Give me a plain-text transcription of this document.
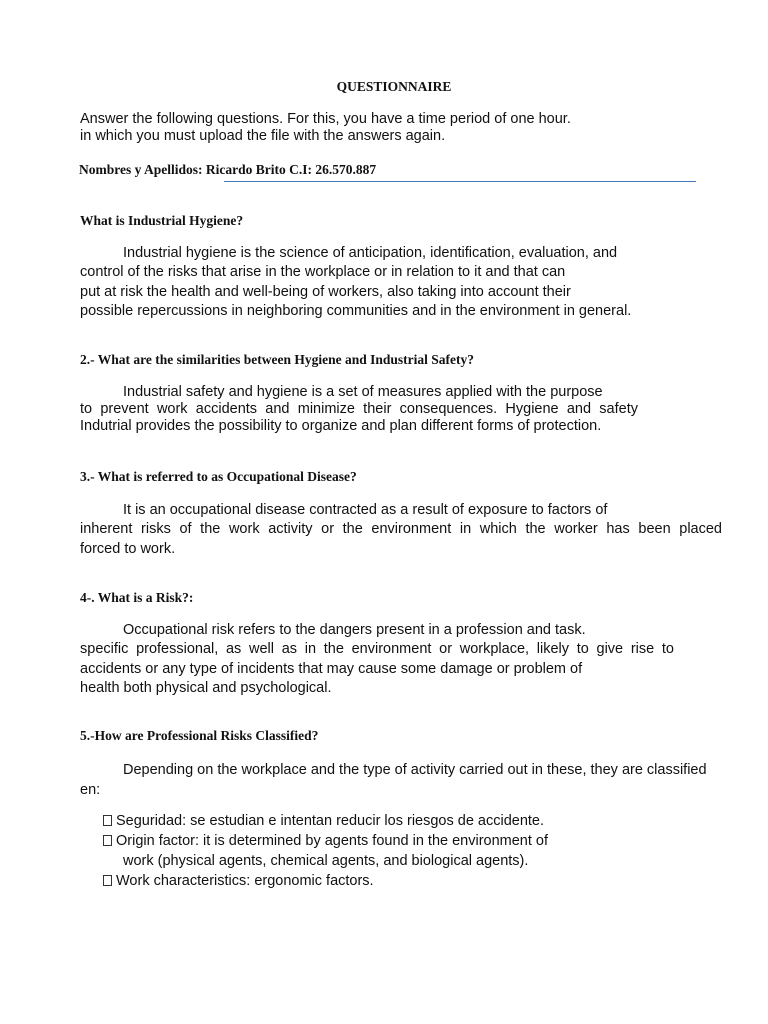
QUESTIONNAIRE
Answer the following questions. For this, you have a time period of one hour.
in which you must upload the file with the answers again.
Nombres y Apellidos: Ricardo Brito C.I: 26.570.887
What is Industrial Hygiene?
Industrial hygiene is the science of anticipation, identification, evaluation, and
control of the risks that arise in the workplace or in relation to it and that can
put at risk the health and well-being of workers, also taking into account their
possible repercussions in neighboring communities and in the environment in general.
2.- What are the similarities between Hygiene and Industrial Safety?
Industrial safety and hygiene is a set of measures applied with the purpose
to prevent work accidents and minimize their consequences. Hygiene and safety
Indutrial provides the possibility to organize and plan different forms of protection.
3.- What is referred to as Occupational Disease?
It is an occupational disease contracted as a result of exposure to factors of
inherent risks of the work activity or the environment in which the worker has been placed
forced to work.
4-. What is a Risk?:
Occupational risk refers to the dangers present in a profession and task.
specific professional, as well as in the environment or workplace, likely to give rise to
accidents or any type of incidents that may cause some damage or problem of
health both physical and psychological.
5.-How are Professional Risks Classified?
Depending on the workplace and the type of activity carried out in these, they are classified
en:
Seguridad: se estudian e intentan reducir los riesgos de accidente.
Origin factor: it is determined by agents found in the environment of
work (physical agents, chemical agents, and biological agents).
Work characteristics: ergonomic factors.
